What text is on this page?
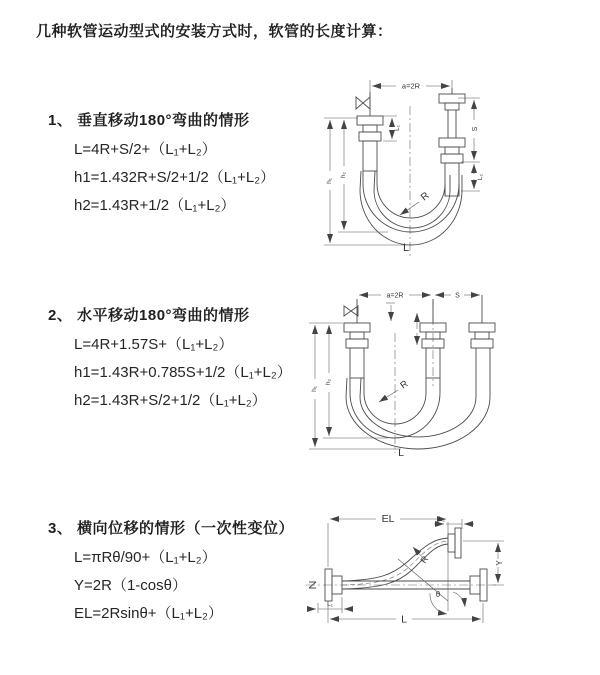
几种软管运动型式的安装方式时，软管的长度计算：
1、 垂直移动180°弯曲的情形

L=4R+S/2+（L₁+L₂）

h1=1.432R+S/2+1/2（L₁+L₂）

h2=1.43R+1/2（L₁+L₂）

2、 水平移动180°弯曲的情形

L=4R+1.57S+（L₁+L₂）

h1=1.43R+0.785S+1/2（L₁+L₂）

h2=1.43R+S/2+1/2（L₁+L₂）

3、 横向位移的情形（一次性变位）

L=πRθ/90+（L₁+L₂）

Y=2R（1-cosθ）

EL=2Rsinθ+（L₁+L₂）

a=2R
S
L₂
h₁
h₂
L₁
R
L
a=2R	S
h₁
h₂	R
L
EL	L₂
Y
θ
R
L₁
L
